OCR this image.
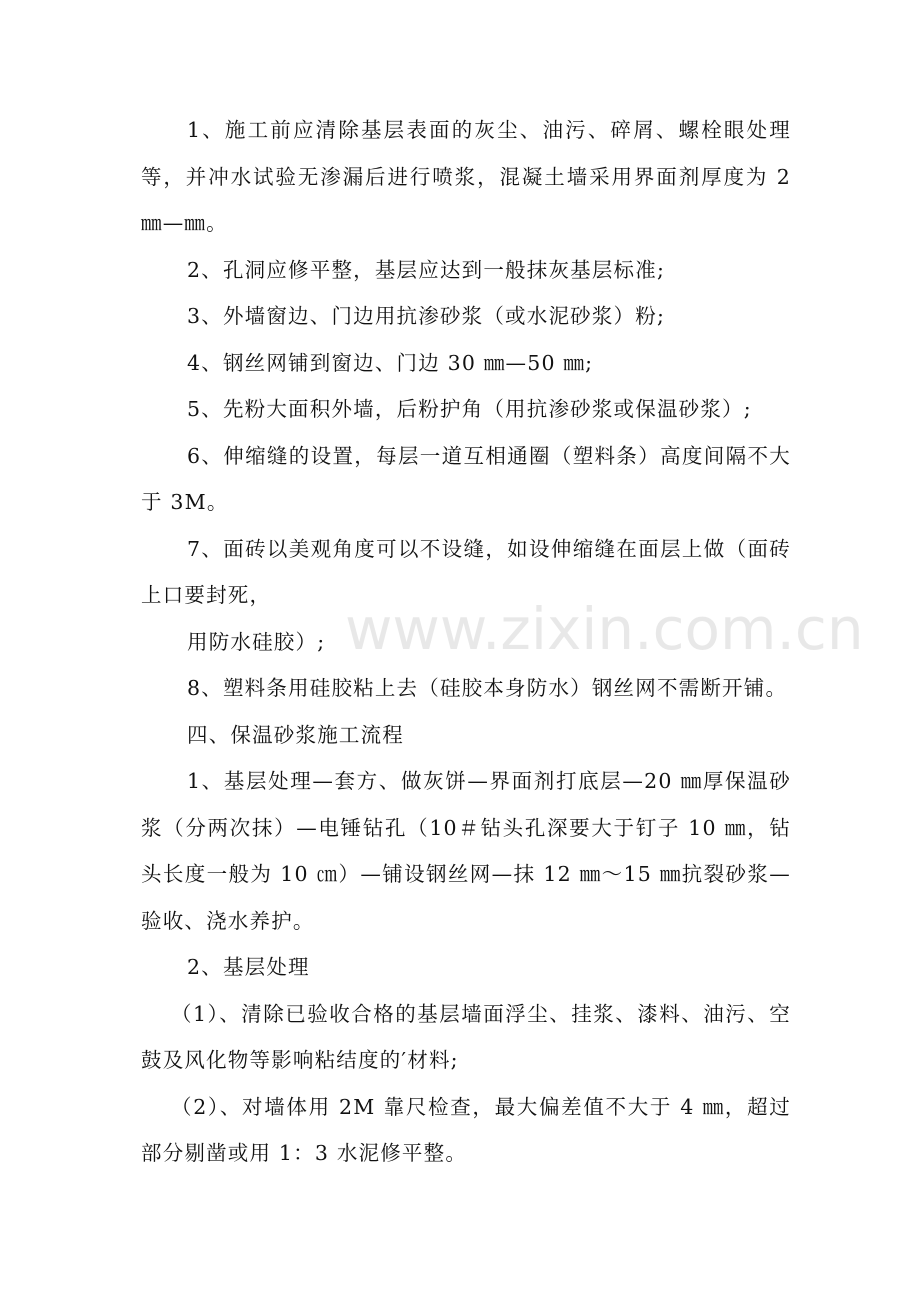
1、施工前应清除基层表面的灰尘、油污、碎屑、螺栓眼处理等，并冲水试验无渗漏后进行喷浆，混凝土墙采用界面剂厚度为 2 ㎜—㎜。

2、孔洞应修平整，基层应达到一般抹灰基层标准;

3、外墙窗边、门边用抗渗砂浆（或水泥砂浆）粉;

4、钢丝网铺到窗边、门边 30 ㎜—50 ㎜;

5、先粉大面积外墙，后粉护角（用抗渗砂浆或保温砂浆）;

6、伸缩缝的设置，每层一道互相通圈（塑料条）高度间隔不大于 3M。

7、面砖以美观角度可以不设缝，如设伸缩缝在面层上做（面砖上口要封死，

用防水硅胶）;

8、塑料条用硅胶粘上去（硅胶本身防水）钢丝网不需断开铺。

四、保温砂浆施工流程

1、基层处理—套方、做灰饼—界面剂打底层—20 ㎜厚保温砂浆（分两次抹）—电锤钻孔（10＃钻头孔深要大于钉子 10 ㎜，钻头长度一般为 10 ㎝）—铺设钢丝网—抹 12 ㎜～15 ㎜抗裂砂浆—验收、浇水养护。

2、基层处理

（1）、清除已验收合格的基层墙面浮尘、挂浆、漆料、油污、空鼓及风化物等影响粘结度的′材料;

（2）、对墙体用 2M 靠尺检查，最大偏差值不大于 4 ㎜，超过部分剔凿或用 1：3 水泥修平整。

www.zixin.com.cn
